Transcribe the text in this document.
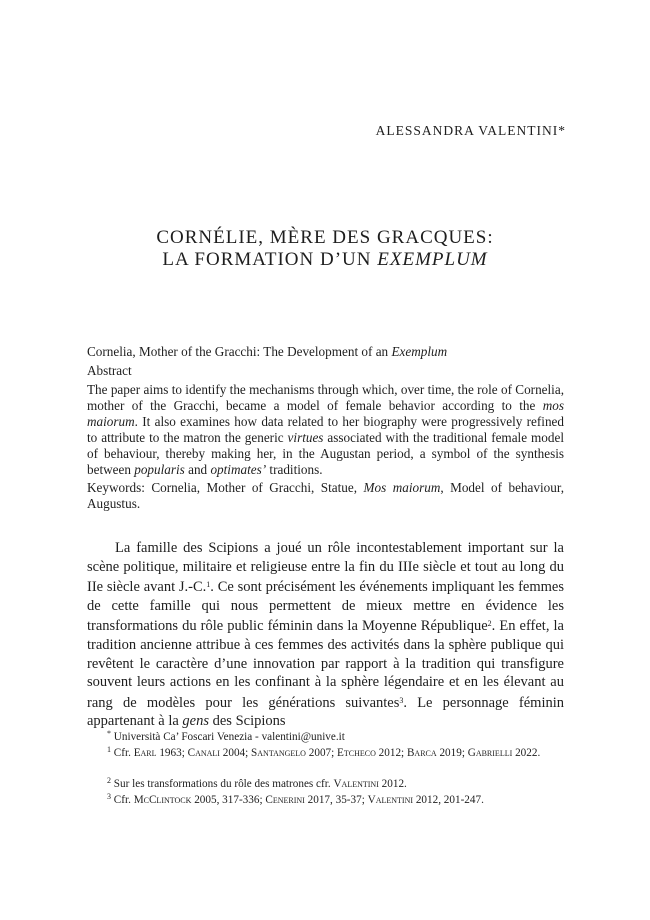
ALESSANDRA VALENTINI*
CORNÉLIE, MÈRE DES GRACQUES:
LA FORMATION D’UN EXEMPLUM
Cornelia, Mother of the Gracchi: The Development of an Exemplum
Abstract
The paper aims to identify the mechanisms through which, over time, the role of Cornelia, mother of the Gracchi, became a model of female behavior according to the mos maiorum. It also examines how data related to her biography were progressively refined to attribute to the matron the generic virtues associated with the traditional female model of behaviour, thereby making her, in the Augustan period, a symbol of the synthesis between popularis and optimates’ traditions.
Keywords: Cornelia, Mother of Gracchi, Statue, Mos maiorum, Model of behaviour, Augustus.

La famille des Scipions a joué un rôle incontestablement important sur la scène politique, militaire et religieuse entre la fin du IIIe siècle et tout au long du IIe siècle avant J.-C.$^1$. Ce sont précisément les événements impliquant les femmes de cette famille qui nous permettent de mieux mettre en évidence les transformations du rôle public féminin dans la Moyenne République$^2$. En effet, la tradition ancienne attribue à ces femmes des activités dans la sphère publique qui revêtent le caractère d’une innovation par rapport à la tradition qui transfigure souvent leurs actions en les confinant à la sphère légendaire et en les élevant au rang de modèles pour les générations suivantes$^3$. Le personnage féminin appartenant à la gens des Scipions

* Università Ca’ Foscari Venezia - valentini@unive.it
$^1$ Cfr. Earl 1963; Canali 2004; Santangelo 2007; Etcheco 2012; Barca 2019; Gabrielli 2022.
$^2$ Sur les transformations du rôle des matrones cfr. Valentini 2012.
$^3$ Cfr. McClintock 2005, 317-336; Cenerini 2017, 35-37; Valentini 2012, 201-247.
